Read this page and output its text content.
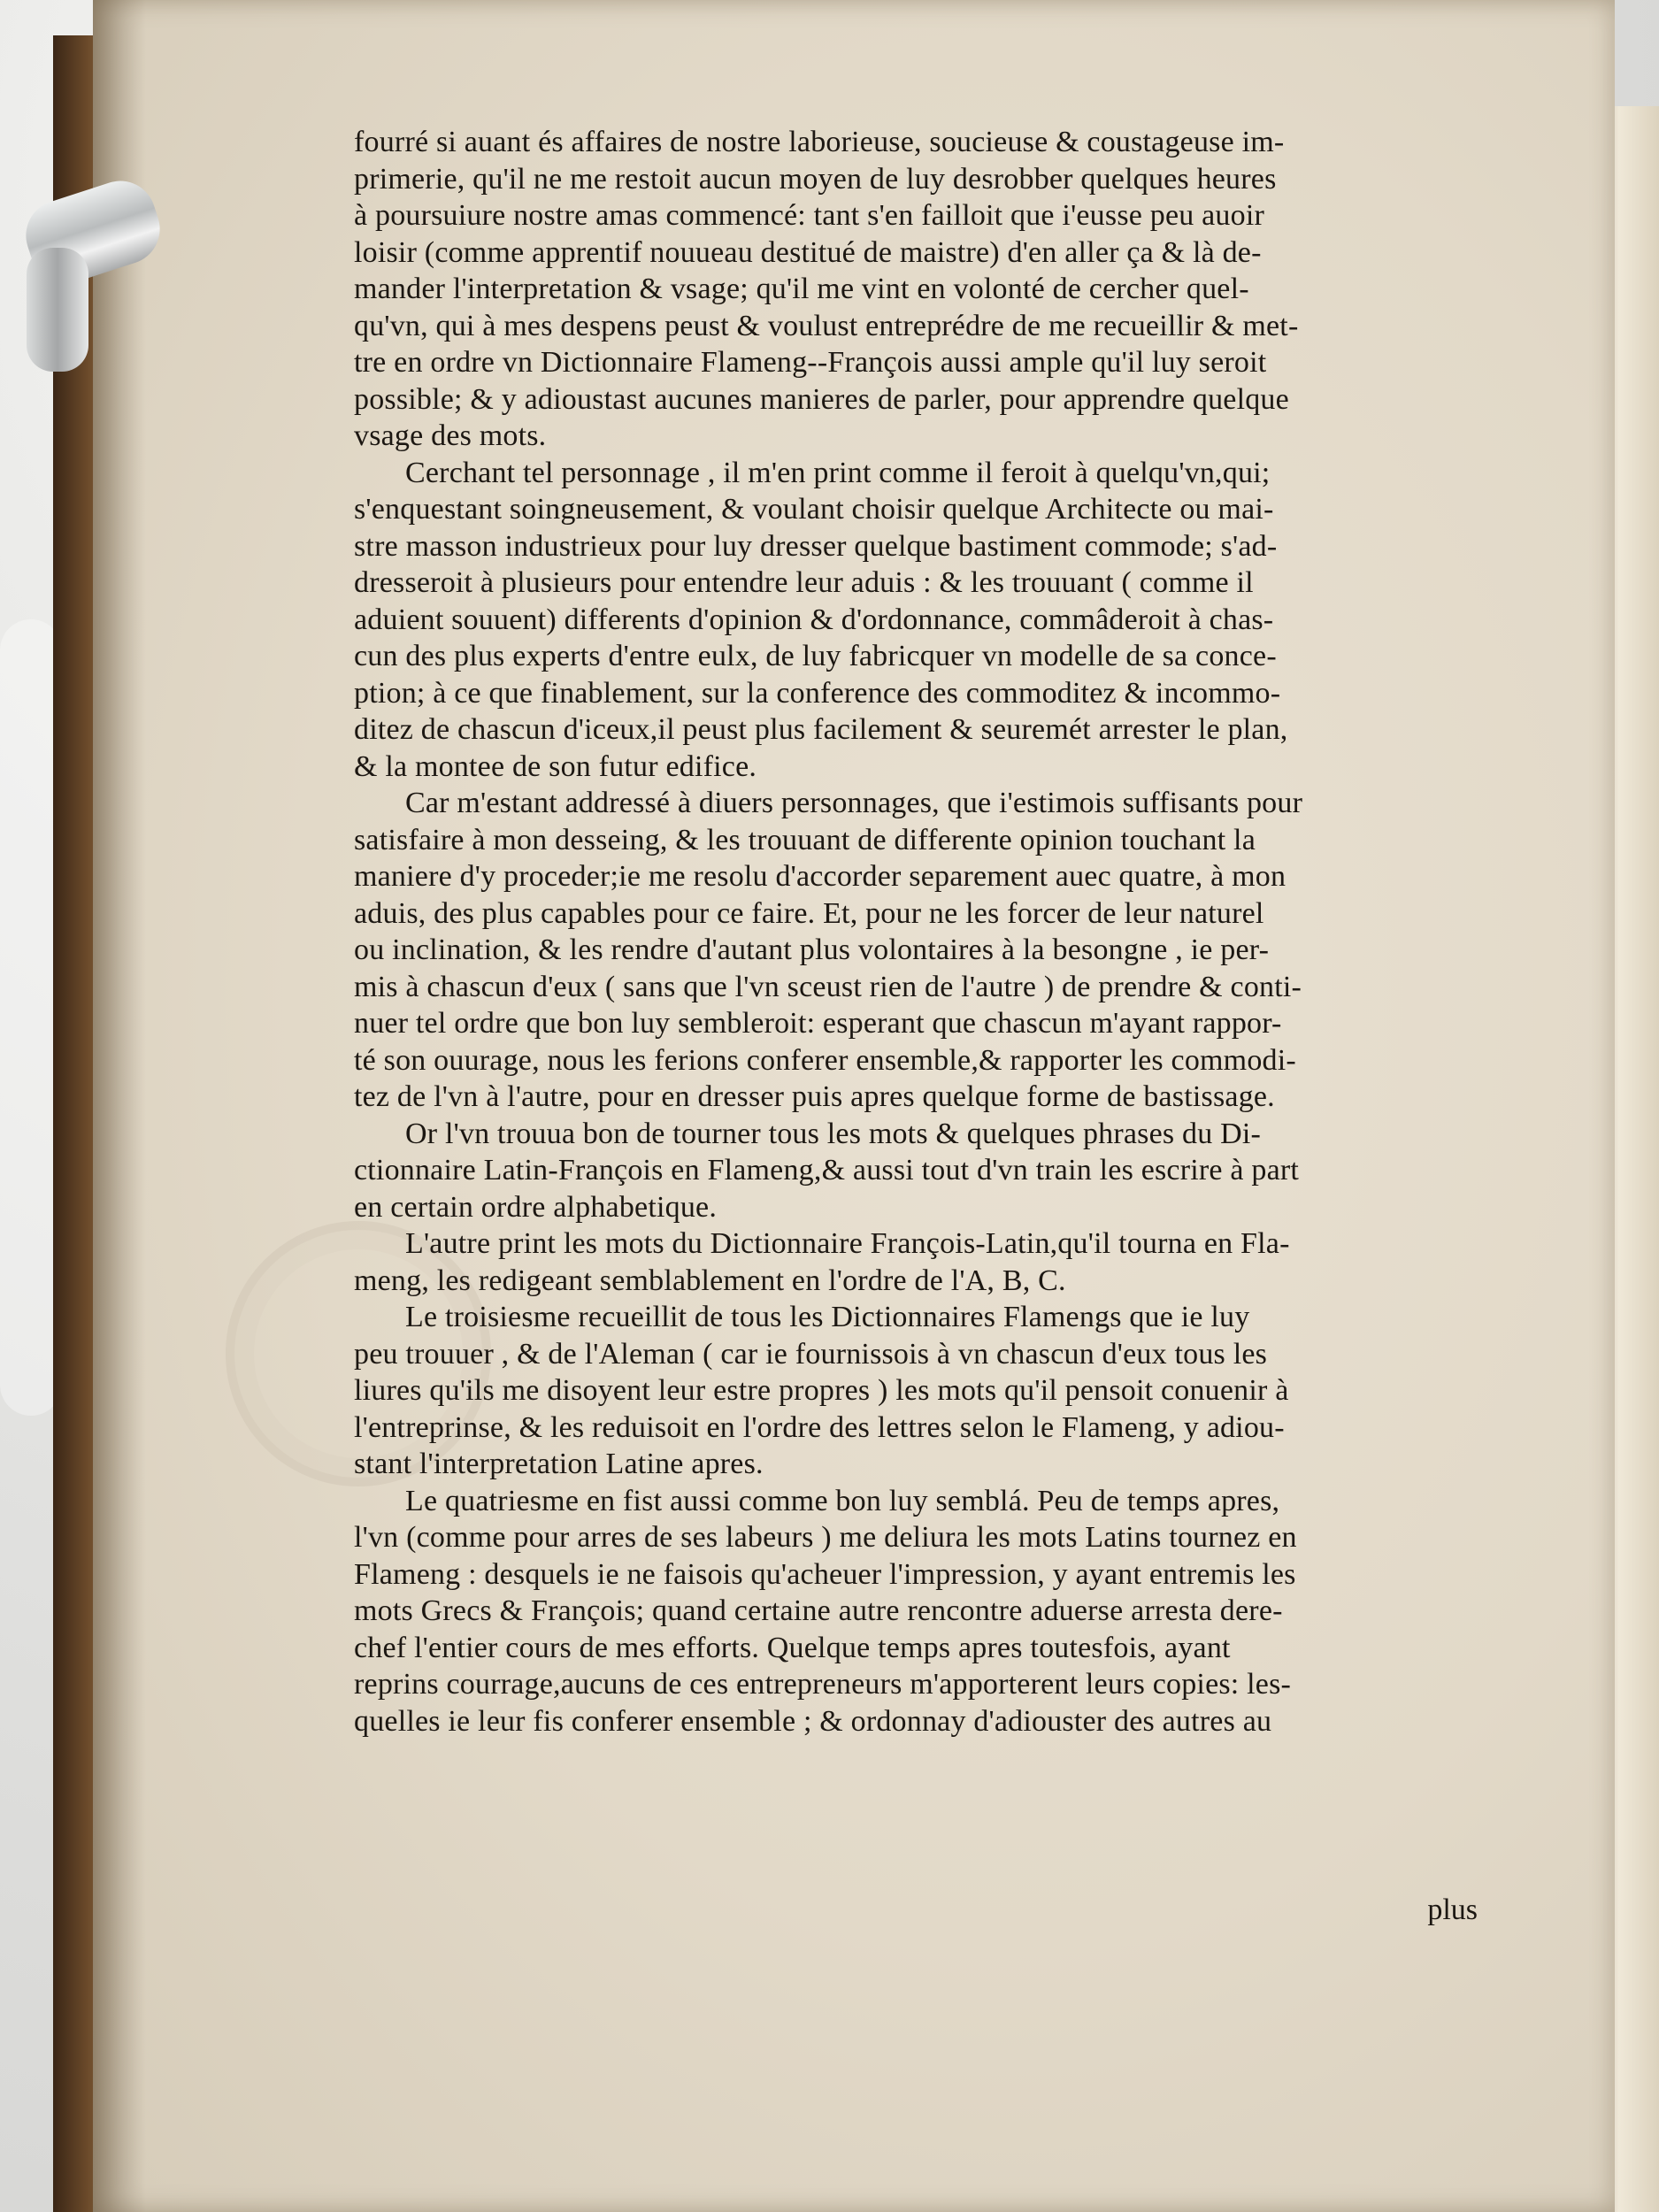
fourré si auant és affaires de nostre laborieuse, soucieuse & coustageuse im-
primerie, qu'il ne me restoit aucun moyen de luy desrobber quelques heures
à poursuiure nostre amas commencé: tant s'en failloit que i'eusse peu auoir
loisir (comme apprentif nouueau destitué de maistre) d'en aller ça & là de-
mander l'interpretation & vsage; qu'il me vint en volonté de cercher quel-
qu'vn, qui à mes despens peust & voulust entreprédre de me recueillir & met-
tre en ordre vn Dictionnaire Flameng--François aussi ample qu'il luy seroit
possible; & y adioustast aucunes manieres de parler, pour apprendre quelque
vsage des mots.
Cerchant tel personnage , il m'en print comme il feroit à quelqu'vn,qui;
s'enquestant soingneusement, & voulant choisir quelque Architecte ou mai-
stre masson industrieux pour luy dresser quelque bastiment commode; s'ad-
dresseroit à plusieurs pour entendre leur aduis : & les trouuant ( comme il
aduient souuent) differents d'opinion & d'ordonnance, commâderoit à chas-
cun des plus experts d'entre eulx, de luy fabricquer vn modelle de sa conce-
ption; à ce que finablement, sur la conference des commoditez & incommo-
ditez de chascun d'iceux,il peust plus facilement & seuremét arrester le plan,
& la montee de son futur edifice.
Car m'estant addressé à diuers personnages, que i'estimois suffisants pour
satisfaire à mon desseing, & les trouuant de differente opinion touchant la
maniere d'y proceder;ie me resolu d'accorder separement auec quatre, à mon
aduis, des plus capables pour ce faire. Et, pour ne les forcer de leur naturel
ou inclination, & les rendre d'autant plus volontaires à la besongne , ie per-
mis à chascun d'eux ( sans que l'vn sceust rien de l'autre ) de prendre & conti-
nuer tel ordre que bon luy sembleroit: esperant que chascun m'ayant rappor-
té son ouurage, nous les ferions conferer ensemble,& rapporter les commodi-
tez de l'vn à l'autre, pour en dresser puis apres quelque forme de bastissage.
Or l'vn trouua bon de tourner tous les mots & quelques phrases du Di-
ctionnaire Latin-François en Flameng,& aussi tout d'vn train les escrire à part
en certain ordre alphabetique.
L'autre print les mots du Dictionnaire François-Latin,qu'il tourna en Fla-
meng, les redigeant semblablement en l'ordre de l'A, B, C.
Le troisiesme recueillit de tous les Dictionnaires Flamengs que ie luy
peu trouuer , & de l'Aleman ( car ie fournissois à vn chascun d'eux tous les
liures qu'ils me disoyent leur estre propres ) les mots qu'il pensoit conuenir à
l'entreprinse, & les reduisoit en l'ordre des lettres selon le Flameng, y adiou-
stant l'interpretation Latine apres.
Le quatriesme en fist aussi comme bon luy semblá. Peu de temps apres,
l'vn (comme pour arres de ses labeurs ) me deliura les mots Latins tournez en
Flameng : desquels ie ne faisois qu'acheuer l'impression, y ayant entremis les
mots Grecs & François; quand certaine autre rencontre aduerse arresta dere-
chef l'entier cours de mes efforts. Quelque temps apres toutesfois, ayant
reprins courrage,aucuns de ces entrepreneurs m'apporterent leurs copies: les-
quelles ie leur fis conferer ensemble ; & ordonnay d'adiouster des autres au
plus
